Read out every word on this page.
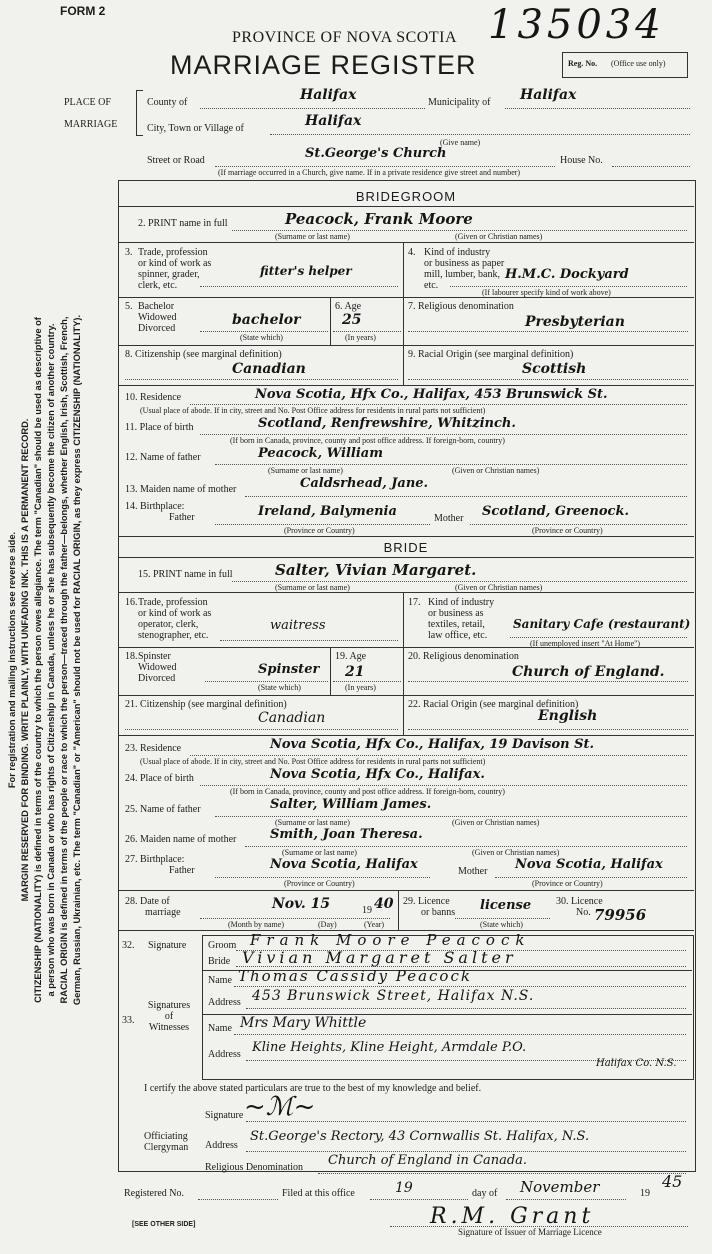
FORM 2	135034
PROVINCE OF NOVA SCOTIA
MARRIAGE REGISTER	Reg. No. (Office use only)
PLACE OF
MARRIAGE
County of	Halifax	Municipality of Halifax
City, Town or Village of	Halifax
(Give name)
Street or Road	St.George's Church	House No.
(If marriage occurred in a Church, give name. If in a private residence give street and number)
For registration and mailing instructions see reverse side. MARGIN RESERVED FOR BINDING. WRITE PLAINLY, WITH UNFADING INK. THIS IS A PERMANENT RECORD. CITIZENSHIP (NATIONALITY) is defined in terms of the country to which the person owes allegiance. The term "Canadian" should be used as descriptive of a person who was born in Canada or who has rights of Citizenship in Canada, unless he or she has subsequently become the citizen of another country. RACIAL ORIGIN is defined in terms of the people or race to which the person—traced through the father—belongs, whether English, Irish, Scottish, French, German, Russian, Ukrainian, etc. The term "Canadian" or "American" should not be used for RACIAL ORIGIN, as they express CITIZENSHIP (NATIONALITY).
BRIDEGROOM
2. PRINT name in full	Peacock, Frank Moore
(Surname or last name)	(Given or Christian names)
3. Trade, profession
or kind of work as
spinner, grader,
clerk, etc.
fitter's helper
4. Kind of industry
or business as paper
mill, lumber, bank,
etc.
H.M.C. Dockyard
(If labourer specify kind of work above)
5. Bachelor
Widowed
Divorced
bachelor
(State which)
6. Age
25
(In years)
7. Religious denomination
Presbyterian
8. Citizenship (see marginal definition)
Canadian
9. Racial Origin (see marginal definition)
Scottish
10. Residence	Nova Scotia, Hfx Co., Halifax, 453 Brunswick St.
(Usual place of abode. If in city, street and No. Post Office address for residents in rural parts not sufficient)
11. Place of birth	Scotland, Renfrewshire, Whitzinch.
(If born in Canada, province, county and post office address. If foreign-born, country)
12. Name of father	Peacock, William
(Surname or last name)	(Given or Christian names)
13. Maiden name of mother	Caldsrhead, Jane.
14. Birthplace:
Father	Ireland, Balymenia	Mother Scotland, Greenock.
(Province or Country)	(Province or Country)
BRIDE
15. PRINT name in full	Salter, Vivian Margaret.
(Surname or last name)	(Given or Christian names)
16. Trade, profession
or kind of work as
operator, clerk,
stenographer, etc.
waitress
17. Kind of industry
or business as
textiles, retail,
law office, etc.
Sanitary Cafe (restaurant)
(If unemployed insert "At Home")
18. Spinster
Widowed
Divorced
Spinster
(State which)
19. Age
21
(In years)
20. Religious denomination
Church of England.
21. Citizenship (see marginal definition)
Canadian
22. Racial Origin (see marginal definition)
English
23. Residence	Nova Scotia, Hfx Co., Halifax, 19 Davison St.
(Usual place of abode. If in city, street and No. Post Office address for residents in rural parts not sufficient)
24. Place of birth	Nova Scotia, Hfx Co., Halifax.
(If born in Canada, province, county and post office address. If foreign-born, country)
25. Name of father	Salter, William James.
(Surname or last name)	(Given or Christian names)
26. Maiden name of mother	Smith, Joan Theresa.
(Surname or last name)	(Given or Christian names)
27. Birthplace:
Father	Nova Scotia, Halifax	Mother Nova Scotia, Halifax
(Province or Country)	(Province or Country)
28. Date of
marriage
Nov. 15	19 40
(Month by name)	(Day)	(Year)
29. Licence
or banns license
(State which)
30. Licence
No. 79956
32. Signature Groom Frank Moore Peacock
Bride Vivian Margaret Salter
33.
Signatures
of
Witnesses
Name Thomas Cassidy Peacock
Address 453 Brunswick Street, Halifax N.S.
Name Mrs Mary Whittle
Address Kline Heights, Kline Height, Armdale P.O.
Halifax Co. N.S.
I certify the above stated particulars are true to the best of my knowledge and belief.
Signature ~ℳ~
Officiating
Clergyman Address
St.George's Rectory, 43 Cornwallis St. Halifax, N.S.
Religious Denomination Church of England in Canada.
Registered No.	Filed at this office	19	day of November	19
45
R.M. Grant
Signature of Issuer of Marriage Licence
[SEE OTHER SIDE]
